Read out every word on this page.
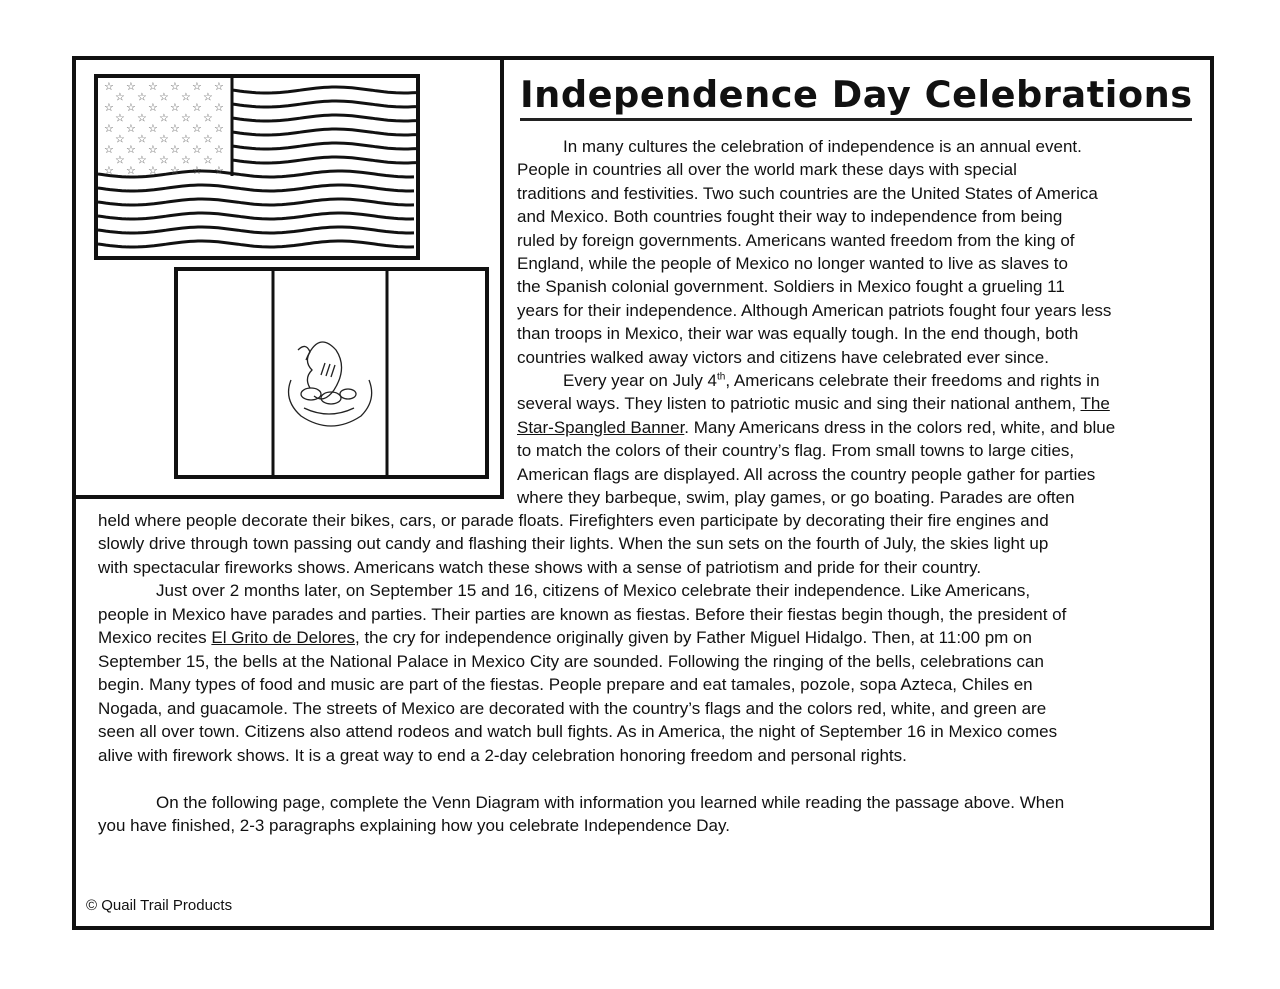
☆ ☆ ☆ ☆ ☆ ☆
☆ ☆ ☆ ☆ ☆
☆ ☆ ☆ ☆ ☆ ☆
☆ ☆ ☆ ☆ ☆
☆ ☆ ☆ ☆ ☆ ☆
☆ ☆ ☆ ☆ ☆
☆ ☆ ☆ ☆ ☆ ☆
☆ ☆ ☆ ☆ ☆
☆ ☆ ☆ ☆ ☆ ☆
Independence Day Celebrations
In many cultures the celebration of independence is an annual event.
People in countries all over the world mark these days with special
traditions and festivities. Two such countries are the United States of America
and Mexico. Both countries fought their way to independence from being
ruled by foreign governments. Americans wanted freedom from the king of
England, while the people of Mexico no longer wanted to live as slaves to
the Spanish colonial government. Soldiers in Mexico fought a grueling 11
years for their independence. Although American patriots fought four years less
than troops in Mexico, their war was equally tough. In the end though, both
countries walked away victors and citizens have celebrated ever since.
Every year on July 4th, Americans celebrate their freedoms and rights in
several ways. They listen to patriotic music and sing their national anthem, The
Star-Spangled Banner. Many Americans dress in the colors red, white, and blue
to match the colors of their country’s flag. From small towns to large cities,
American flags are displayed. All across the country people gather for parties
where they barbeque, swim, play games, or go boating. Parades are often
held where people decorate their bikes, cars, or parade floats. Firefighters even participate by decorating their fire engines and
slowly drive through town passing out candy and flashing their lights. When the sun sets on the fourth of July, the skies light up
with spectacular fireworks shows. Americans watch these shows with a sense of patriotism and pride for their country.
Just over 2 months later, on September 15 and 16, citizens of Mexico celebrate their independence. Like Americans,
people in Mexico have parades and parties. Their parties are known as fiestas. Before their fiestas begin though, the president of
Mexico recites El Grito de Delores, the cry for independence originally given by Father Miguel Hidalgo. Then, at 11:00 pm on
September 15, the bells at the National Palace in Mexico City are sounded. Following the ringing of the bells, celebrations can
begin. Many types of food and music are part of the fiestas. People prepare and eat tamales, pozole, sopa Azteca, Chiles en
Nogada, and guacamole. The streets of Mexico are decorated with the country’s flags and the colors red, white, and green are
seen all over town. Citizens also attend rodeos and watch bull fights. As in America, the night of September 16 in Mexico comes
alive with firework shows. It is a great way to end a 2-day celebration honoring freedom and personal rights.
On the following page, complete the Venn Diagram with information you learned while reading the passage above. When
you have finished, 2-3 paragraphs explaining how you celebrate Independence Day.
© Quail Trail Products
